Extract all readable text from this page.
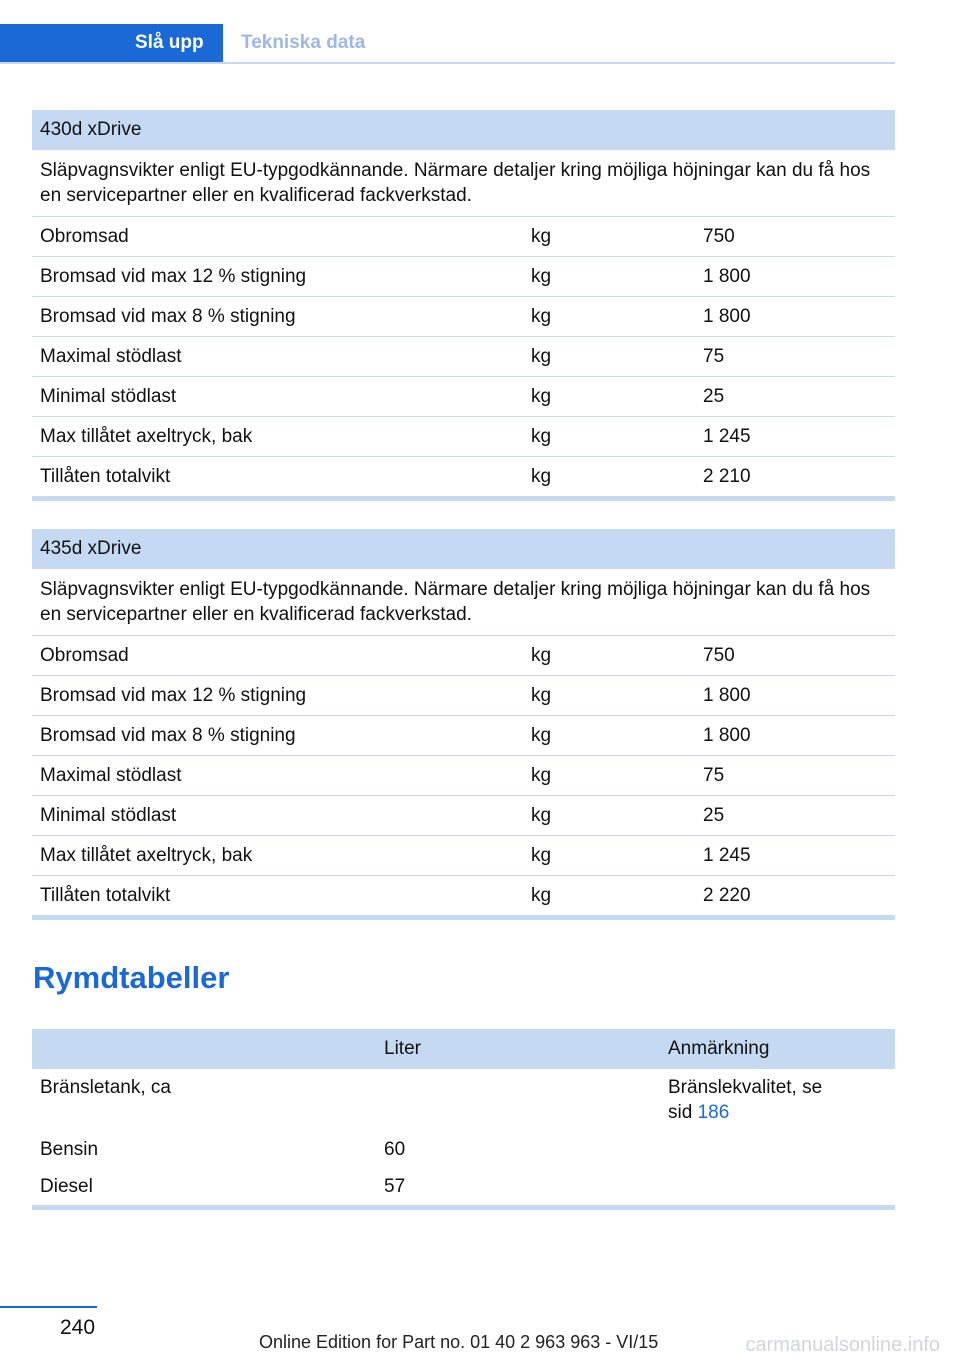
Slå upp	Tekniska data
430d xDrive		
Släpvagnsvikter enligt EU-typgodkännande. Närmare detaljer kring möjliga höjningar kan du få hos en servicepartner eller en kvalificerad fackverkstad.		
Obromsad	kg	750
Bromsad vid max 12 % stigning	kg	1 800
Bromsad vid max 8 % stigning	kg	1 800
Maximal stödlast	kg	75
Minimal stödlast	kg	25
Max tillåtet axeltryck, bak	kg	1 245
Tillåten totalvikt	kg	2 210
435d xDrive		
Släpvagnsvikter enligt EU-typgodkännande. Närmare detaljer kring möjliga höjningar kan du få hos en servicepartner eller en kvalificerad fackverkstad.		
Obromsad	kg	750
Bromsad vid max 12 % stigning	kg	1 800
Bromsad vid max 8 % stigning	kg	1 800
Maximal stödlast	kg	75
Minimal stödlast	kg	25
Max tillåtet axeltryck, bak	kg	1 245
Tillåten totalvikt	kg	2 220
Rymdtabeller
	Liter	Anmärkning
Bränsletank, ca		Bränslekvalitet, se
sid 186
Bensin	60	
Diesel	57	
240
Online Edition for Part no. 01 40 2 963 963 - VI/15	carmanualsonline.info
